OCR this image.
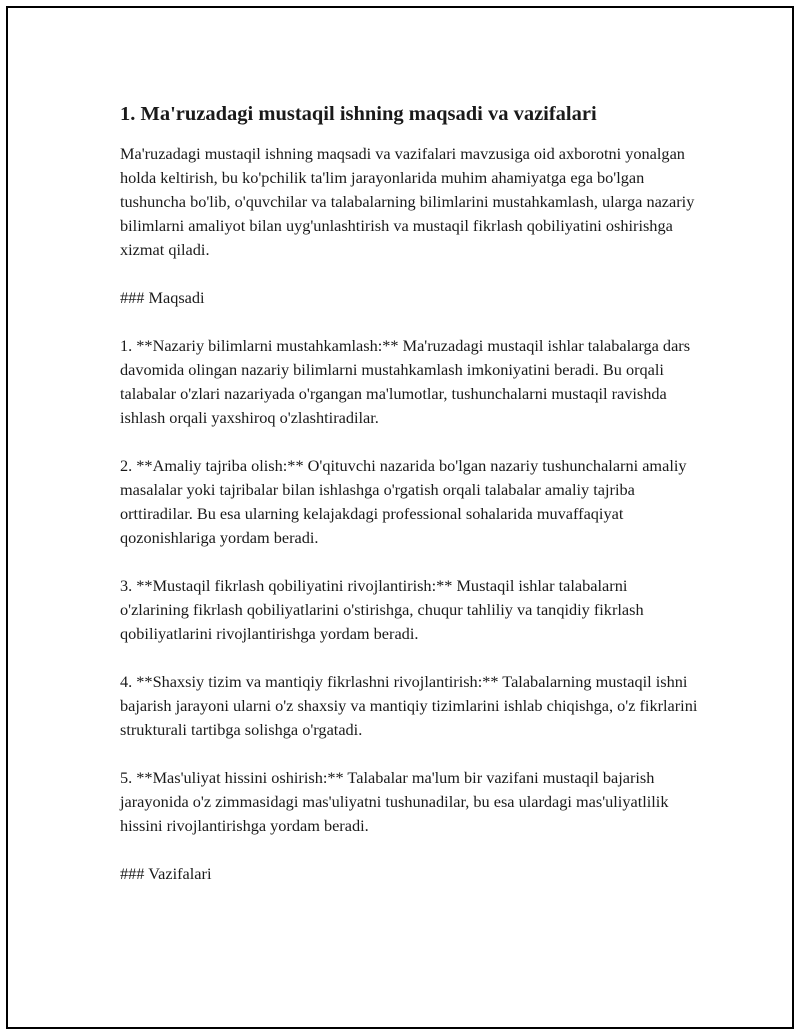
1. Ma'ruzadagi mustaqil ishning maqsadi va vazifalari

Ma'ruzadagi mustaqil ishning maqsadi va vazifalari mavzusiga oid axborotni yonalgan holda keltirish, bu ko'pchilik ta'lim jarayonlarida muhim ahamiyatga ega bo'lgan tushuncha bo'lib, o'quvchilar va talabalarning bilimlarini mustahkamlash, ularga nazariy bilimlarni amaliyot bilan uyg'unlashtirish va mustaqil fikrlash qobiliyatini oshirishga xizmat qiladi.

### Maqsadi

1. **Nazariy bilimlarni mustahkamlash:** Ma'ruzadagi mustaqil ishlar talabalarga dars davomida olingan nazariy bilimlarni mustahkamlash imkoniyatini beradi. Bu orqali talabalar o'zlari nazariyada o'rgangan ma'lumotlar, tushunchalarni mustaqil ravishda ishlash orqali yaxshiroq o'zlashtiradilar.

2. **Amaliy tajriba olish:** O'qituvchi nazarida bo'lgan nazariy tushunchalarni amaliy masalalar yoki tajribalar bilan ishlashga o'rgatish orqali talabalar amaliy tajriba orttiradilar. Bu esa ularning kelajakdagi professional sohalarida muvaffaqiyat qozonishlariga yordam beradi.

3. **Mustaqil fikrlash qobiliyatini rivojlantirish:** Mustaqil ishlar talabalarni o'zlarining fikrlash qobiliyatlarini o'stirishga, chuqur tahliliy va tanqidiy fikrlash qobiliyatlarini rivojlantirishga yordam beradi.

4. **Shaxsiy tizim va mantiqiy fikrlashni rivojlantirish:** Talabalarning mustaqil ishni bajarish jarayoni ularni o'z shaxsiy va mantiqiy tizimlarini ishlab chiqishga, o'z fikrlarini strukturali tartibga solishga o'rgatadi.

5. **Mas'uliyat hissini oshirish:** Talabalar ma'lum bir vazifani mustaqil bajarish jarayonida o'z zimmasidagi mas'uliyatni tushunadilar, bu esa ulardagi mas'uliyatlilik hissini rivojlantirishga yordam beradi.

### Vazifalari
